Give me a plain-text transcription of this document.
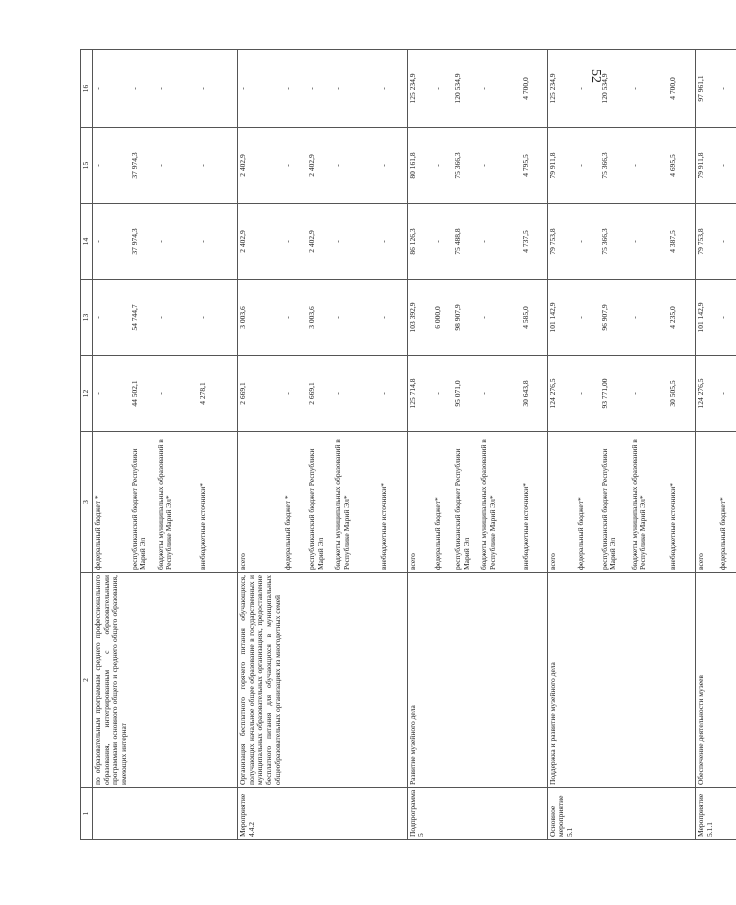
52
1	2	3	12	13	14	15	16
	по образовательным программам среднего профессионального образования, интегрированным с образовательными программами основного общего и среднего общего образования, имеющих интернат	федеральный бюджет *	-	-	-	-	-
		республиканский бюджет Республики Марий Эл	44 502,1	54 744,7	37 974,3	37 974,3	-
		бюджеты муниципальных образований в Республике Марий Эл*	-	-	-	-	-
		внебюджетные источники*	4 278,1	-	-	-	-
Мероприятие 4.4.2	Организация бесплатного горячего питания обучающихся, получающих начальное общее образование в государственных и муниципальных образовательных организациях, предоставление бесплатного питания для обучающихся в муниципальных общеобразовательных организациях из многодетных семей	всего	2 669,1	3 003,6	2 402,9	2 402,9	-
		федеральный бюджет *	-	-	-	-	-
		республиканский бюджет Республики Марий Эл	2 669,1	3 003,6	2 402,9	2 402,9	-
		бюджеты муниципальных образований в Республике Марий Эл*	-	-	-	-	-
		внебюджетные источники*	-	-	-	-	-
Подпрограмма 5	Развитие музейного дела	всего	125 714,8	103 392,9	86 126,3	80 161,8	125 234,9
		федеральный бюджет*	-	6 000,0	-	-	-
		республиканский бюджет Республики Марий Эл	95 071,0	98 907,9	75 488,8	75 366,3	120 534,9
		бюджеты муниципальных образований в Республике Марий Эл*	-	-	-	-	-
		внебюджетные источники*	30 643,8	4 585,0	4 737,5	4 795,5	4 700,0
Основное мероприятие 5.1	Поддержка и развитие музейного дела	всего	124 276,5	101 142,9	79 753,8	79 911,8	125 234,9
		федеральный бюджет*	-	-	-	-	-
		республиканский бюджет Республики Марий Эл	93 771,00	96 907,9	75 366,3	75 366,3	120 534,9
		бюджеты муниципальных образований в Республике Марий Эл*	-	-	-	-	-
		внебюджетные источники*	30 505,5	4 235,0	4 387,5	4 695,5	4 700,0
Мероприятие 5.1.1	Обеспечение деятельности музеев	всего	124 276,5	101 142,9	79 753,8	79 911,8	97 961,1
		федеральный бюджет*	-	-	-	-	-
